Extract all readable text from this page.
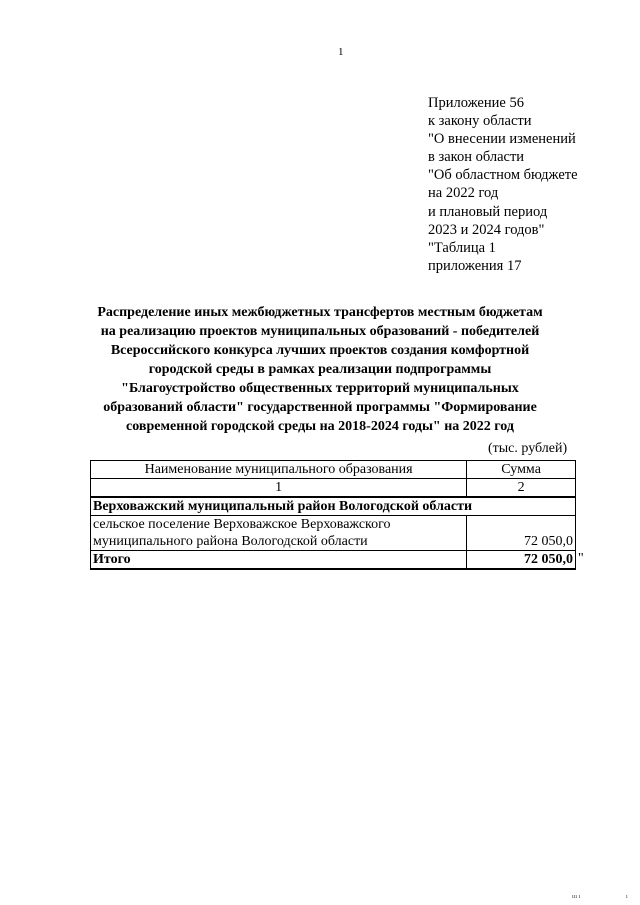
1
Приложение 56
к закону области
"О внесении изменений
в закон области
"Об областном бюджете
на 2022 год
и плановый период
2023 и 2024 годов"
"Таблица 1
приложения 17
Распределение иных межбюджетных трансфертов местным бюджетам
на реализацию проектов муниципальных образований - победителей
Всероссийского конкурса лучших проектов создания комфортной
городской среды в рамках реализации подпрограммы
"Благоустройство общественных территорий муниципальных
образований области" государственной программы "Формирование
современной городской среды на 2018-2024 годы" на 2022 год
(тыс. рублей)
Наименование муниципального образования	Сумма
1	2
Верховажский муниципальный район Вологодской области	

сельское поселение Верховажское Верховажского
муниципального района Вологодской области	72 050,0
Итого	72 050,0 "
ııı ı	ı
